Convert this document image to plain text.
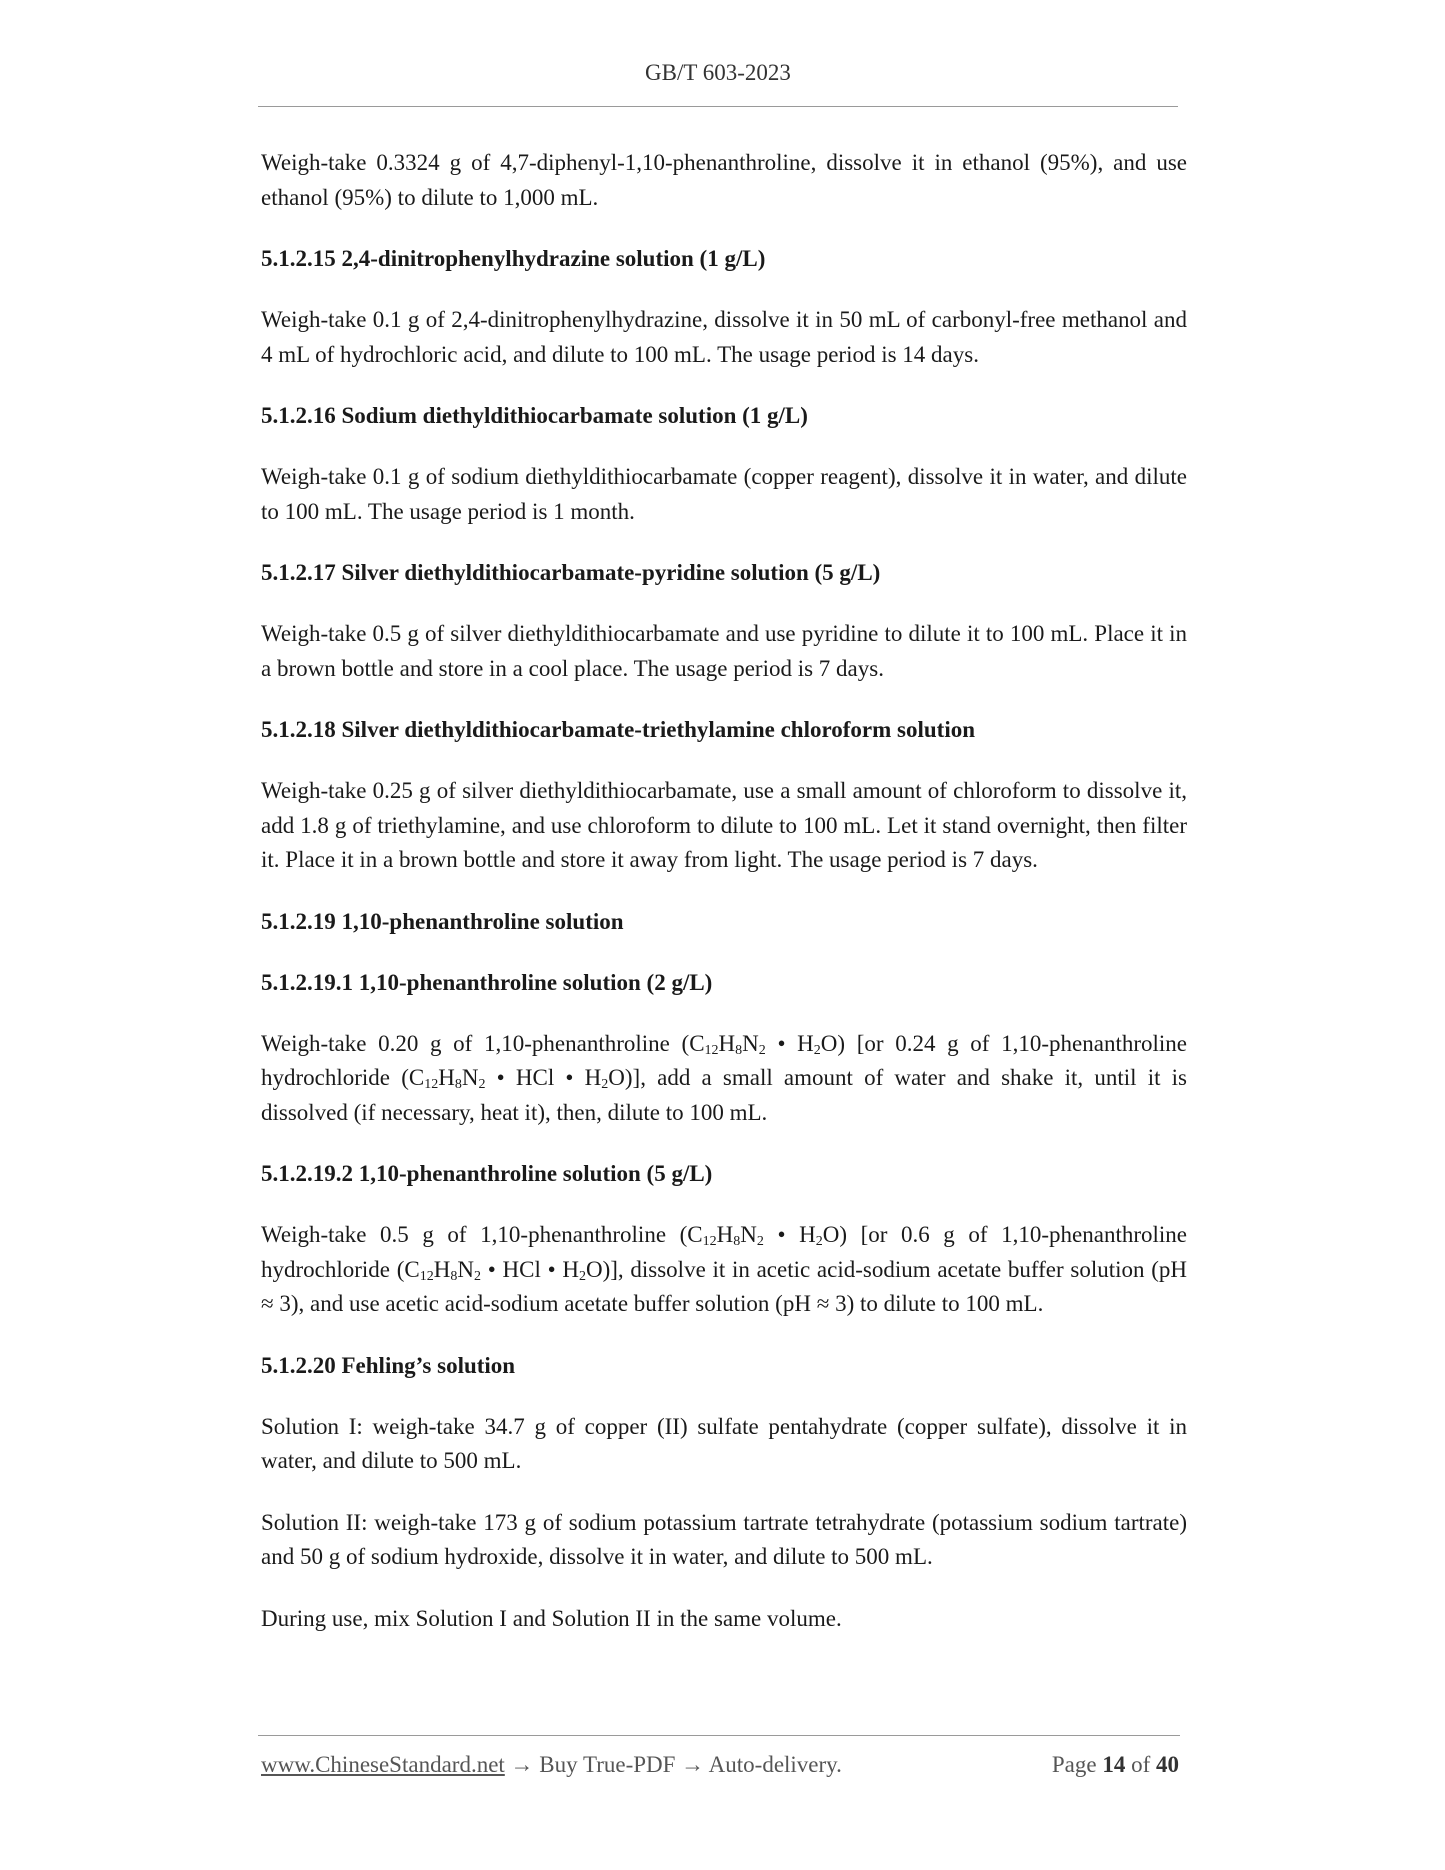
GB/T 603-2023

Weigh-take 0.3324 g of 4,7-diphenyl-1,10-phenanthroline, dissolve it in ethanol (95%), and use ethanol (95%) to dilute to 1,000 mL.

5.1.2.15 2,4-dinitrophenylhydrazine solution (1 g/L)

Weigh-take 0.1 g of 2,4-dinitrophenylhydrazine, dissolve it in 50 mL of carbonyl-free methanol and 4 mL of hydrochloric acid, and dilute to 100 mL. The usage period is 14 days.

5.1.2.16 Sodium diethyldithiocarbamate solution (1 g/L)

Weigh-take 0.1 g of sodium diethyldithiocarbamate (copper reagent), dissolve it in water, and dilute to 100 mL. The usage period is 1 month.

5.1.2.17 Silver diethyldithiocarbamate-pyridine solution (5 g/L)

Weigh-take 0.5 g of silver diethyldithiocarbamate and use pyridine to dilute it to 100 mL. Place it in a brown bottle and store in a cool place. The usage period is 7 days.

5.1.2.18 Silver diethyldithiocarbamate-triethylamine chloroform solution

Weigh-take 0.25 g of silver diethyldithiocarbamate, use a small amount of chloroform to dissolve it, add 1.8 g of triethylamine, and use chloroform to dilute to 100 mL. Let it stand overnight, then filter it. Place it in a brown bottle and store it away from light. The usage period is 7 days.

5.1.2.19 1,10-phenanthroline solution

5.1.2.19.1 1,10-phenanthroline solution (2 g/L)

Weigh-take 0.20 g of 1,10-phenanthroline ($C_{12}H_8N_2$ • $H_2O$) [or 0.24 g of 1,10-phenanthroline hydrochloride ($C_{12}H_8N_2$ • HCl • $H_2O$)], add a small amount of water and shake it, until it is dissolved (if necessary, heat it), then, dilute to 100 mL.

5.1.2.19.2 1,10-phenanthroline solution (5 g/L)

Weigh-take 0.5 g of 1,10-phenanthroline ($C_{12}H_8N_2$ • $H_2O$) [or 0.6 g of 1,10-phenanthroline hydrochloride ($C_{12}H_8N_2$ • HCl • $H_2O$)], dissolve it in acetic acid-sodium acetate buffer solution (pH ≈ 3), and use acetic acid-sodium acetate buffer solution (pH ≈ 3) to dilute to 100 mL.

5.1.2.20 Fehling’s solution

Solution I: weigh-take 34.7 g of copper (II) sulfate pentahydrate (copper sulfate), dissolve it in water, and dilute to 500 mL.

Solution II: weigh-take 173 g of sodium potassium tartrate tetrahydrate (potassium sodium tartrate) and 50 g of sodium hydroxide, dissolve it in water, and dilute to 500 mL.

During use, mix Solution I and Solution II in the same volume.

www.ChineseStandard.net → Buy True-PDF → Auto-delivery.	Page 14 of 40
